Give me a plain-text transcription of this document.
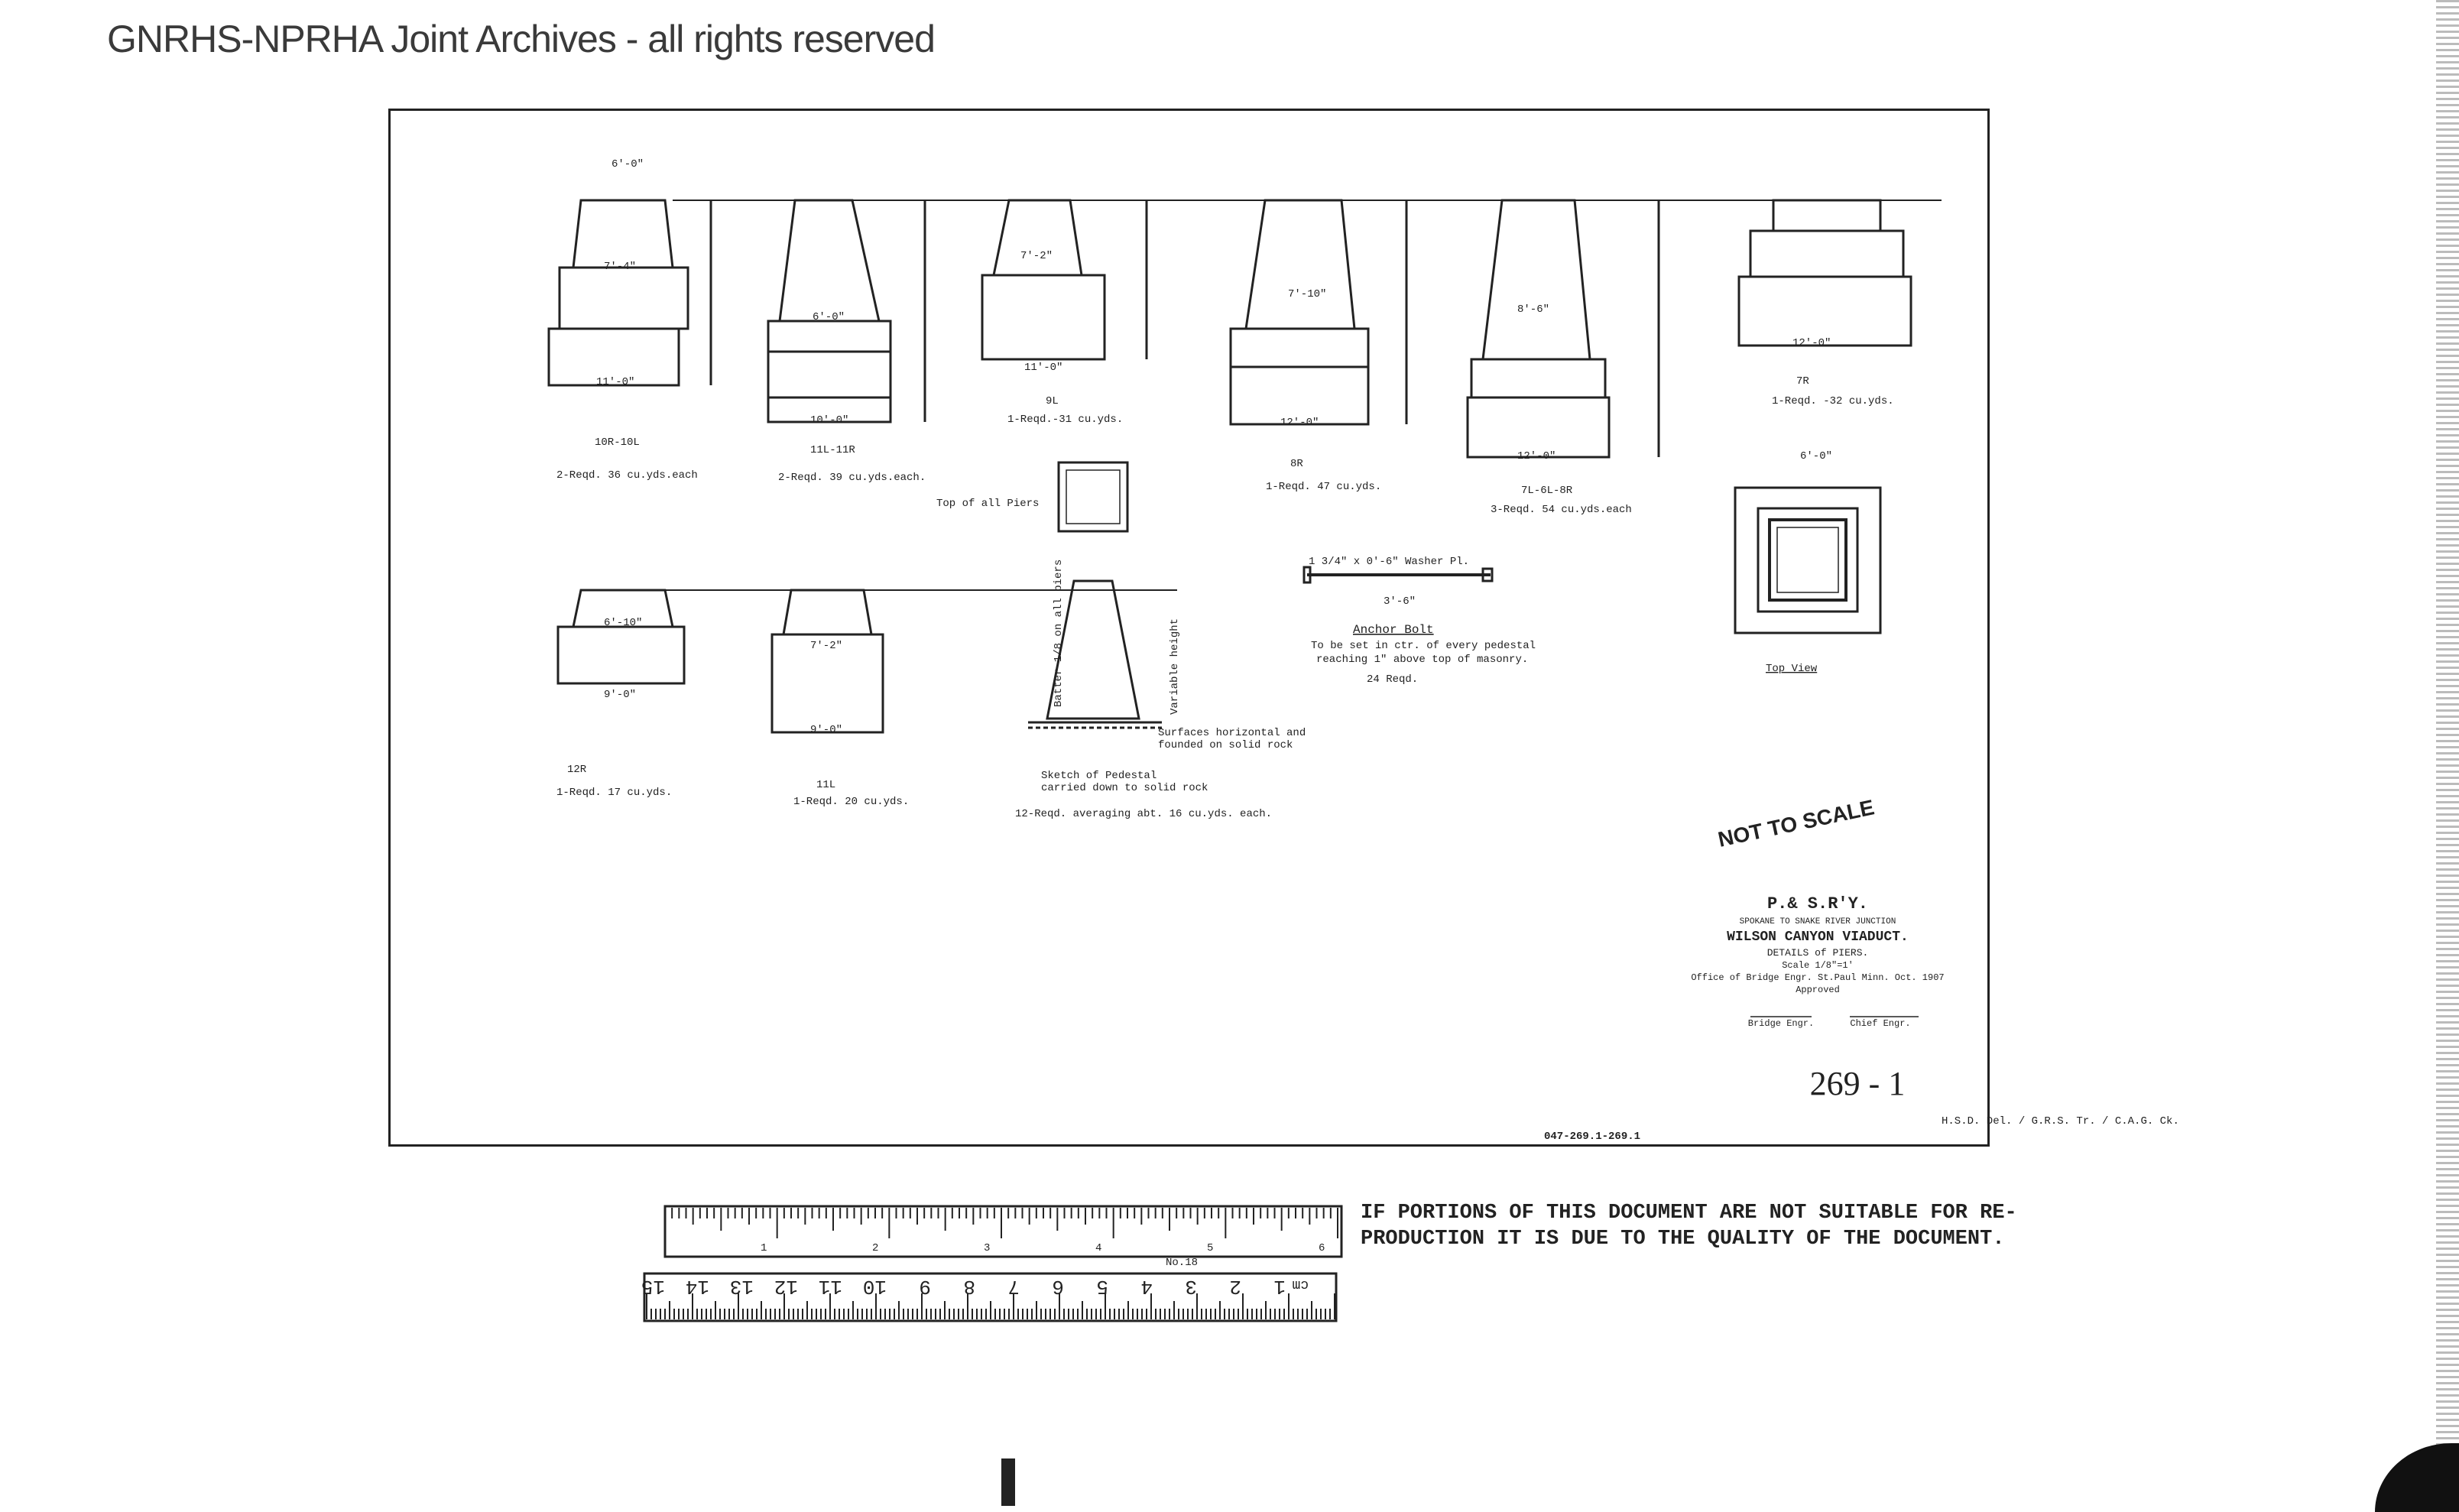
GNRHS-NPRHA Joint Archives - all rights reserved
10R-10L
2-Reqd. 36 cu.yds.each
11L-11R
2-Reqd. 39 cu.yds.each.
9L
1-Reqd.-31 cu.yds.
8R
1-Reqd. 47 cu.yds.	7L-6L-8R
3-Reqd. 54 cu.yds.each
7R
1-Reqd. -32 cu.yds.
12R
1-Reqd. 17 cu.yds.
11L
1-Reqd. 20 cu.yds.
6'-0"
7'-4"
11'-0"
6'-0"
10'-0"
7'-2"
11'-0"
7'-10"
12'-0"
8'-6"
12'-0"
12'-0"
6'-0"
6'-10"
9'-0"
7'-2"
9'-0"
Top of all Piers
Sketch of Pedestal
carried down to solid rock
12-Reqd. averaging abt. 16 cu.yds. each.
Surfaces horizontal and
founded on solid rock
1 3/4" x 0'-6" Washer Pl.
3'-6"
Anchor Bolt
To be set in ctr. of every pedestal
reaching 1" above top of masonry.
24 Reqd.
Top View
Batter 1/8 on all piers	Variable height
NOT TO SCALE
P.& S.R'Y.
SPOKANE TO SNAKE RIVER JUNCTION
WILSON CANYON VIADUCT.
DETAILS of PIERS.
Scale 1/8"=1'
Office of Bridge Engr. St.Paul Minn. Oct. 1907
Approved
Bridge Engr.	Chief Engr.
269 - 1
047-269.1-269.1
H.S.D. Del. / G.R.S. Tr. / C.A.G. Ck.
No.18
1	2	3	4	5	6
15 14 13 12 11 10 9 8 7 6 5 4 3 2 1 cm
IF PORTIONS OF THIS DOCUMENT ARE NOT SUITABLE FOR RE-
PRODUCTION IT IS DUE TO THE QUALITY OF THE DOCUMENT.
